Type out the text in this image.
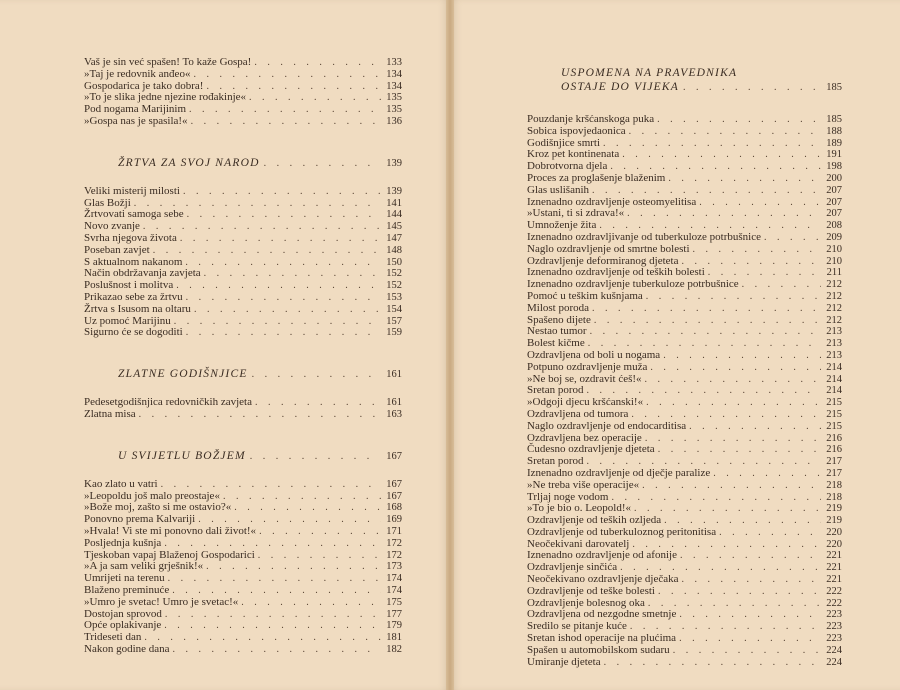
Vaš je sin već spašen! To kaže Gospa! . . .	133
»Taj je redovnik anđeo« . . .	134
Gospodarica je tako dobra! . . .	134
»To je slika jedne njezine rođakinje« . . .	135
Pod nogama Marijinim . . .	135
»Gospa nas je spasila!« . . .	136
ŽRTVA ZA SVOJ NAROD . . .	139
Veliki misterij milosti . . .	139
Glas Božji . . .	141
Žrtvovati samoga sebe . . .	144
Novo zvanje . . .	145
Svrha njegova života . . .	147
Poseban zavjet . . .	148
S aktualnom nakanom . . .	150
Način obdržavanja zavjeta . . .	152
Poslušnost i molitva . . .	152
Prikazao sebe za žrtvu . . .	153
Žrtva s Isusom na oltaru . . .	154
Uz pomoć Marijinu . . .	157
Sigurno će se dogoditi . . .	159
ZLATNE GODIŠNJICE . . .	161
Pedesetgodišnjica redovničkih zavjeta . . .	161
Zlatna misa . . .	163
U SVIJETLU BOŽJEM . . .	167
Kao zlato u vatri . . .	167
»Leopoldu još malo preostaje« . . .	167
»Bože moj, zašto si me ostavio?« . . .	168
Ponovno prema Kalvariji . . .	169
»Hvala! Vi ste mi ponovno dali život!« . . .	171
Posljednja kušnja . . .	172
Tjeskoban vapaj Blaženoj Gospodarici . . .	172
»A ja sam veliki grješnik!« . . .	173
Umrijeti na terenu . . .	174
Blaženo preminuće . . .	174
»Umro je svetac! Umro je svetac!« . . .	175
Dostojan sprovod . . .	177
Opće oplakivanje . . .	179
Trideseti dan . . .	181
Nakon godine dana . . .	182
USPOMENA NA PRAVEDNIKA
OSTAJE DO VIJEKA . . .	185
Pouzdanje kršćanskoga puka . . .	185
Sobica ispovjedaonica . . .	188
Godišnjice smrti . . .	189
Kroz pet kontinenata . . .	191
Dobrotvorna djela . . .	198
Proces za proglašenje blaženim . . .	200
Glas uslišanih . . .	207
Iznenadno ozdravljenje osteomyelitisa . . .	207
»Ustani, ti si zdrava!« . . .	207
Umnoženje žita . . .	208
Iznenadno ozdravljivanje od tuberkuloze potrbušnice . . .	209
Naglo ozdravljenje od smrtne bolesti . . .	210
Ozdravljenje deformiranog djeteta . . .	210
Iznenadno ozdravljenje od teških bolesti . . .	211
Iznenadno ozdravljenje tuberkuloze potrbušnice . . .	212
Pomoć u teškim kušnjama . . .	212
Milost poroda . . .	212
Spašeno dijete . . .	212
Nestao tumor . . .	213
Bolest kičme . . .	213
Ozdravljena od boli u nogama . . .	213
Potpuno ozdravljenje muža . . .	214
»Ne boj se, ozdravit ćeš!« . . .	214
Sretan porod . . .	214
»Odgoji djecu kršćanski!« . . .	215
Ozdravljena od tumora . . .	215
Naglo ozdravljenje od endocarditisa . . .	215
Ozdravljena bez operacije . . .	216
Čudesno ozdravljenje djeteta . . .	216
Sretan porod . . .	217
Iznenadno ozdravljenje od dječje paralize . . .	217
»Ne treba više operacije« . . .	218
Trljaj noge vodom . . .	218
»To je bio o. Leopold!« . . .	219
Ozdravljenje od teških ozljeda . . .	219
Ozdravljenje od tuberkuloznog peritonitisa . . .	220
Neočekivani darovatelj . . .	220
Iznenadno ozdravljenje od afonije . . .	221
Ozdravljenje sinčića . . .	221
Neočekivano ozdravljenje dječaka . . .	221
Ozdravljenje od teške bolesti . . .	222
Ozdravljenje bolesnog oka . . .	222
Ozdravljena od nezgodne smetnje . . .	223
Sredilo se pitanje kuće . . .	223
Sretan ishod operacije na plućima . . .	223
Spašen u automobilskom sudaru . . .	224
Umiranje djeteta . . .	224
